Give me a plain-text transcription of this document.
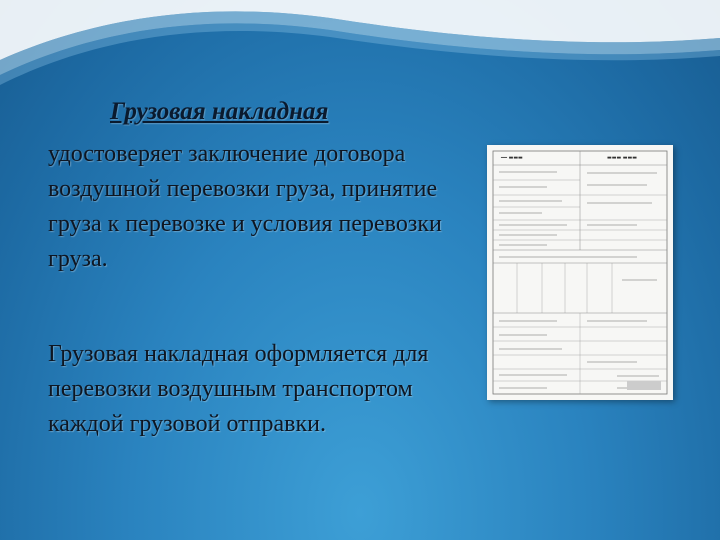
Грузовая накладная

удостоверяет заключение договора воздушной перевозки груза, принятие груза к перевозке и условия перевозки груза.

Грузовая накладная оформляется для перевозки воздушным транспортом каждой грузовой отправки.

━━ ▬▬▬	▬▬▬ ▬▬▬
